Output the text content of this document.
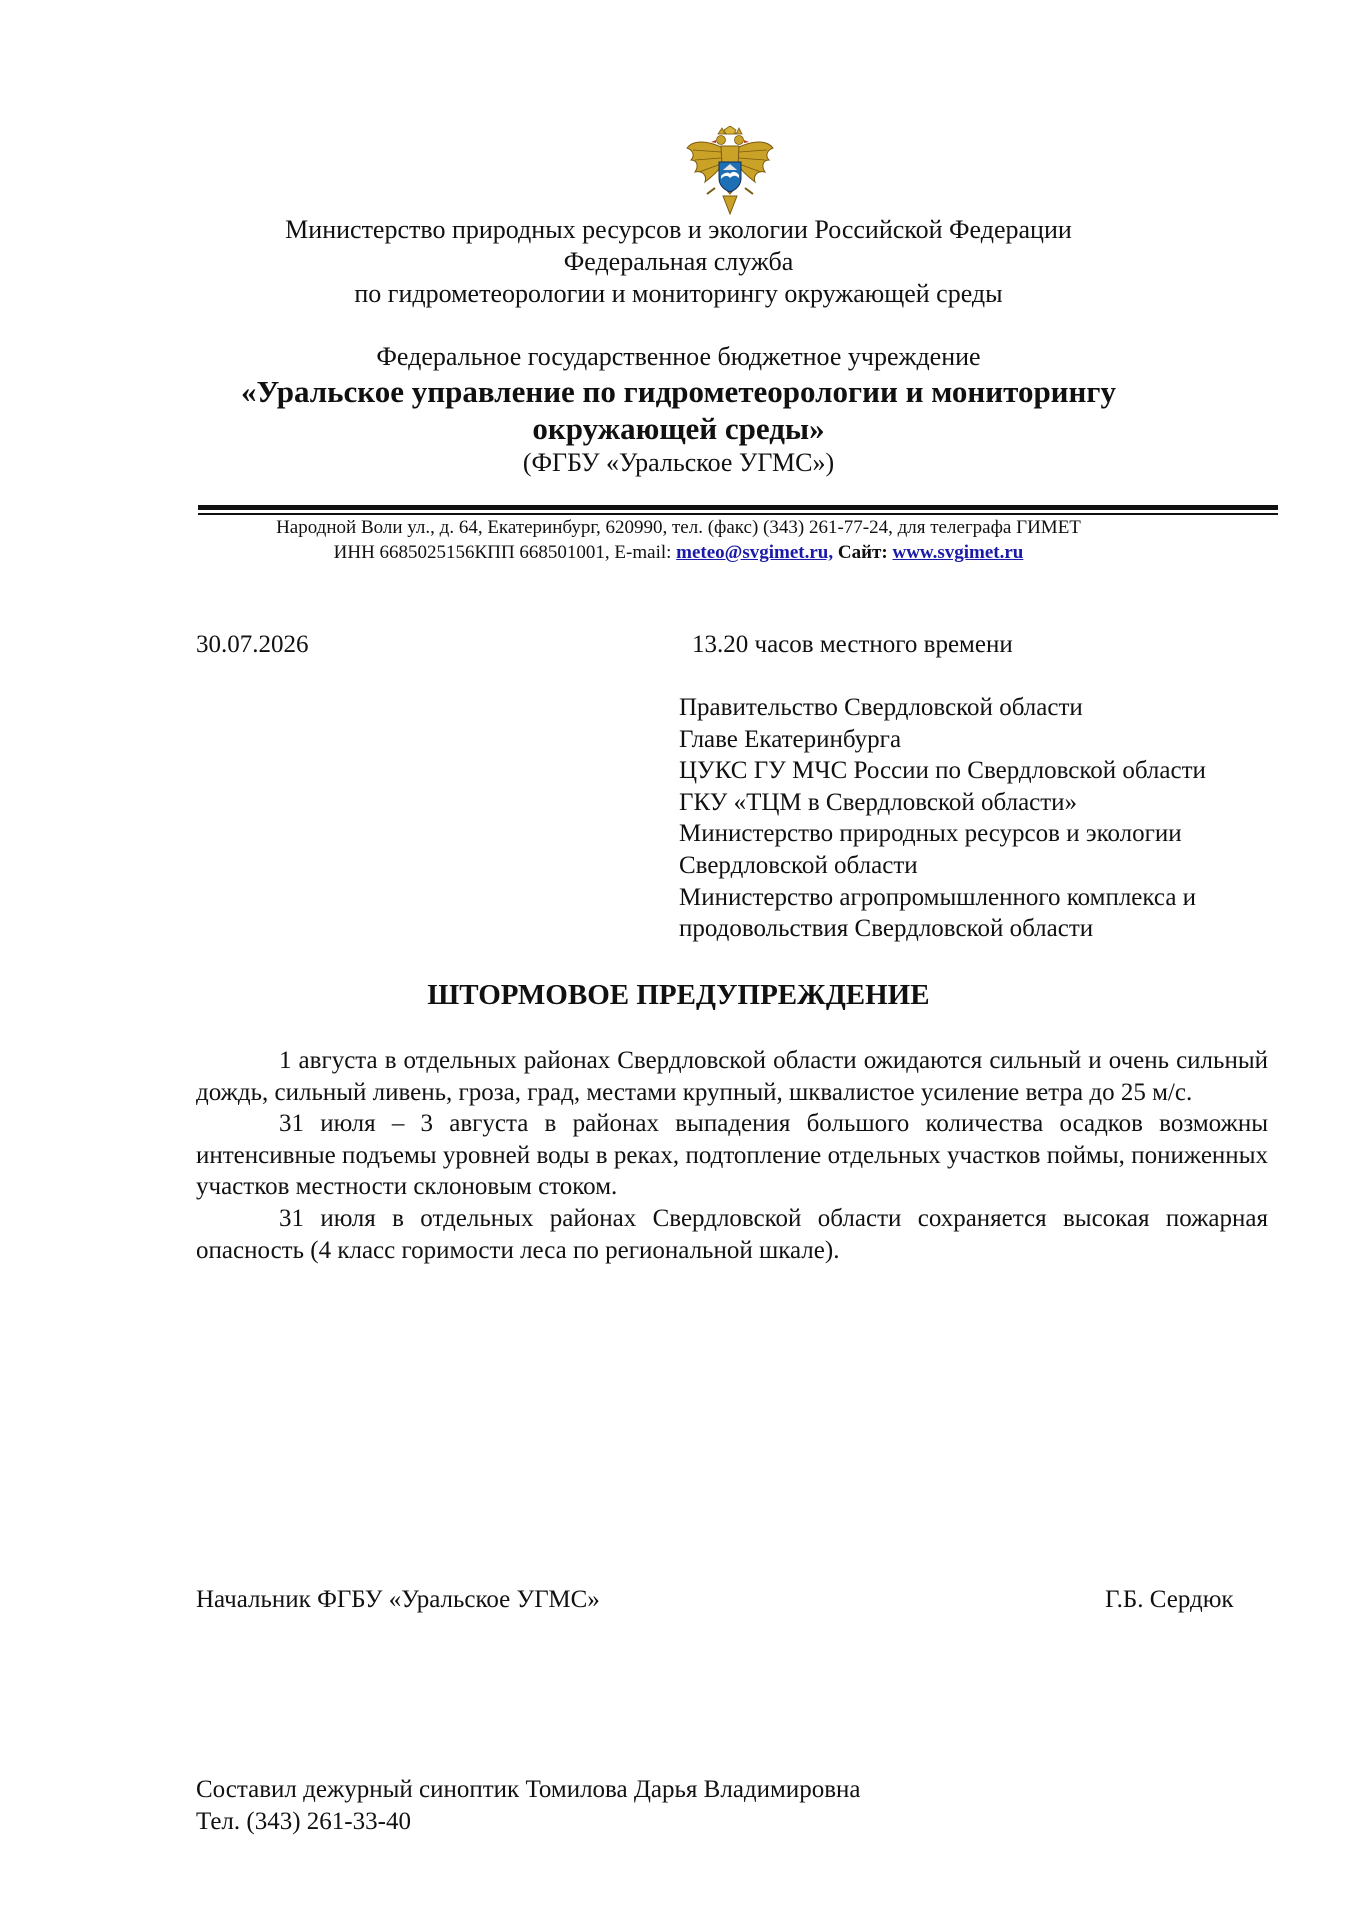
Министерство природных ресурсов и экологии Российской Федерации
Федеральная служба
по гидрометеорологии и мониторингу окружающей среды
Федеральное государственное бюджетное учреждение
«Уральское управление по гидрометеорологии и мониторингу
окружающей среды»
(ФГБУ «Уральское УГМС»)
Народной Воли ул., д. 64, Екатеринбург, 620990, тел. (факс) (343) 261-77-24, для телеграфа ГИМЕТ
ИНН 6685025156КПП 668501001, E-mail: meteo@svgimet.ru, Сайт: www.svgimet.ru
30.07.2026	13.20 часов местного времени
Правительство Свердловской области
Главе Екатеринбурга
ЦУКС ГУ МЧС России по Свердловской области
ГКУ «ТЦМ в Свердловской области»
Министерство природных ресурсов и экологии
Свердловской области
Министерство агропромышленного комплекса и
продовольствия Свердловской области
ШТОРМОВОЕ ПРЕДУПРЕЖДЕНИЕ

1 августа в отдельных районах Свердловской области ожидаются сильный и очень сильный дождь, сильный ливень, гроза, град, местами крупный, шквалистое усиление ветра до 25 м/с.

31 июля – 3 августа в районах выпадения большого количества осадков возможны интенсивные подъемы уровней воды в реках, подтопление отдельных участков поймы, пониженных участков местности склоновым стоком.

31 июля в отдельных районах Свердловской области сохраняется высокая пожарная опасность (4 класс горимости леса по региональной шкале).

Начальник ФГБУ «Уральское УГМС»	Г.Б. Сердюк
Составил дежурный синоптик Томилова Дарья Владимировна
Тел. (343) 261-33-40
